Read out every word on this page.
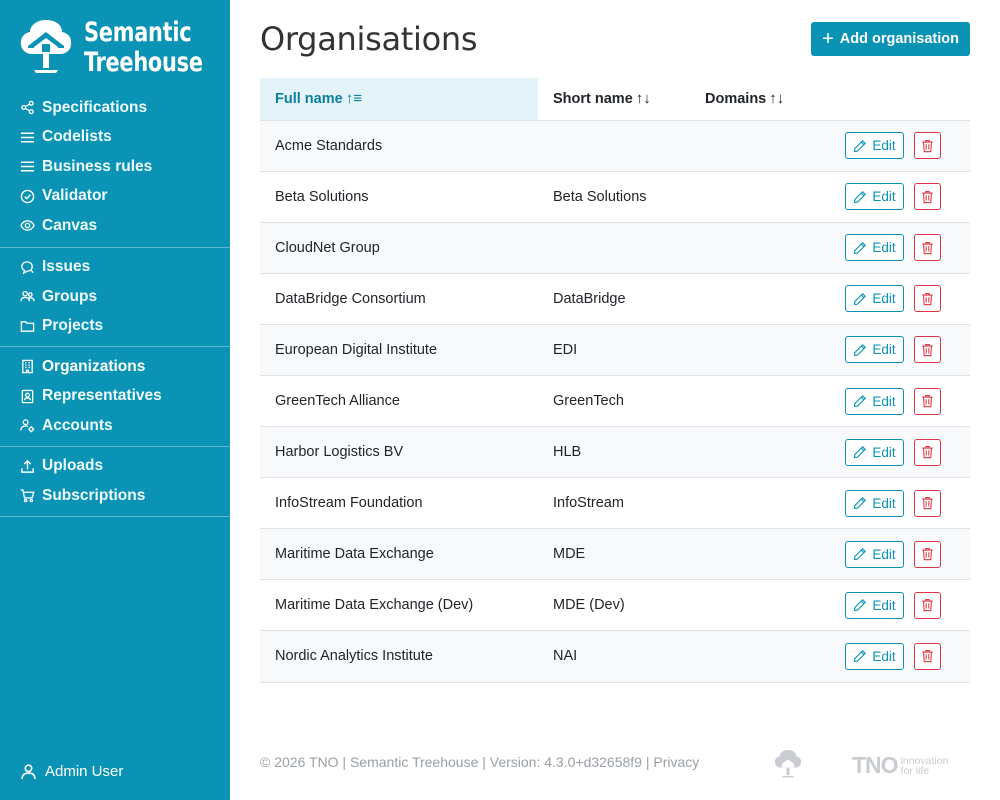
Semantic
Treehouse
Specifications
Codelists
Business rules
Validator
Canvas
Issues
Groups
Projects
Organizations
Representatives
Accounts
Uploads
Subscriptions
Admin User
Organisations	+ Add organisation
Full name ↑≡	Short name ↑↓	Domains ↑↓	
Acme Standards			Edit

Beta Solutions	Beta Solutions		Edit

CloudNet Group			Edit

DataBridge Consortium	DataBridge		Edit

European Digital Institute	EDI		Edit

GreenTech Alliance	GreenTech		Edit

Harbor Logistics BV	HLB		Edit

InfoStream Foundation	InfoStream		Edit

Maritime Data Exchange	MDE		Edit

Maritime Data Exchange (Dev)	MDE (Dev)		Edit

Nordic Analytics Institute	NAI		Edit
© 2026 TNO | Semantic Treehouse | Version: 4.3.0+d32658f9 | Privacy	TNO innovation
for life
